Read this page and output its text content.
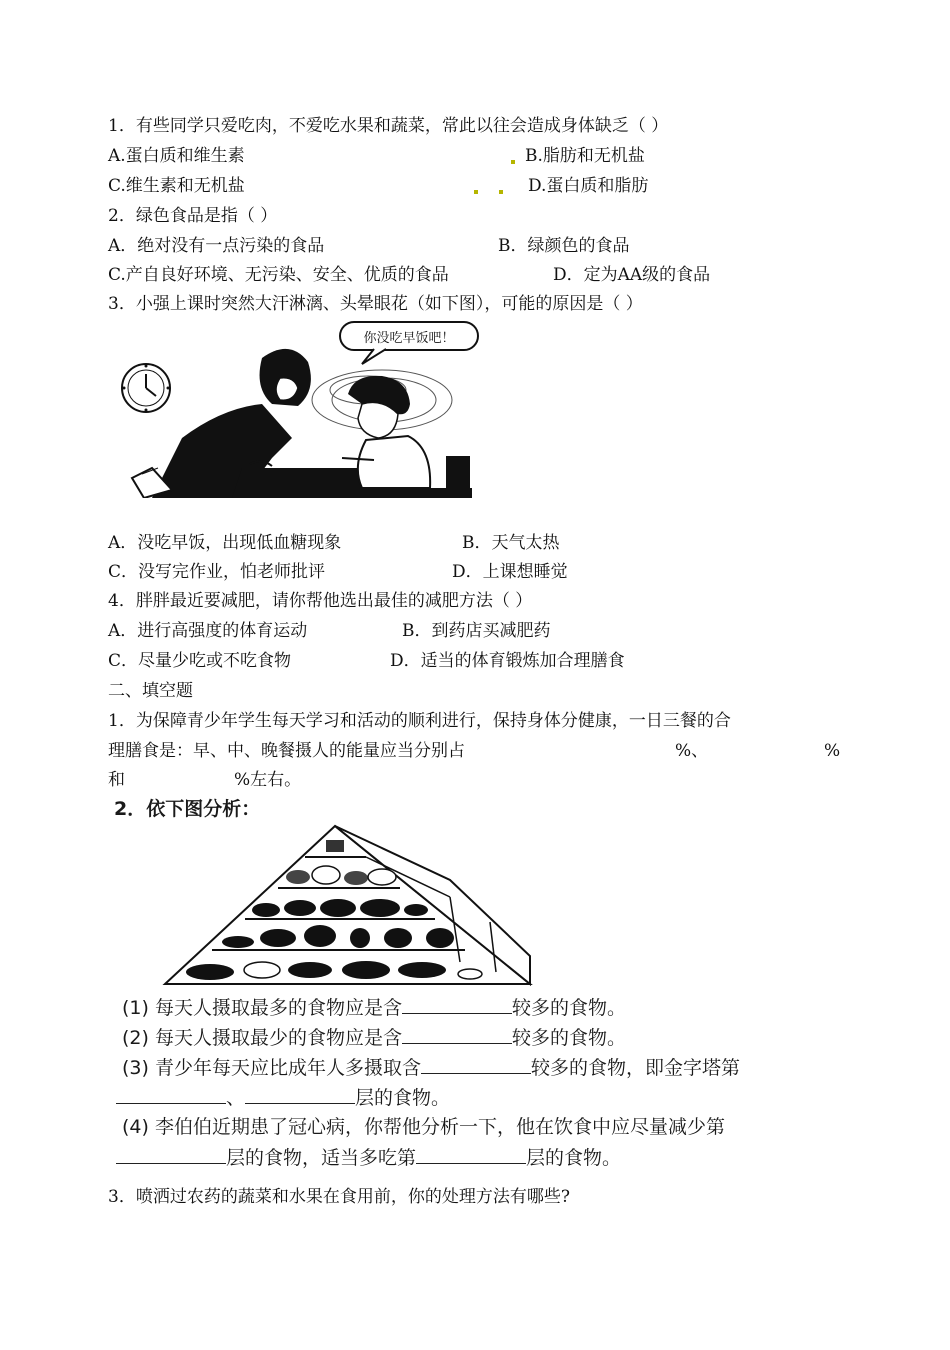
1．有些同学只爱吃肉，不爱吃水果和蔬菜，常此以往会造成身体缺乏（ ）
A.蛋白质和维生素	B.脂肪和无机盐
C.维生素和无机盐	D.蛋白质和脂肪
2．绿色食品是指（ ）
A．绝对没有一点污染的食品	B．绿颜色的食品
C.产自良好环境、无污染、安全、优质的食品	D．定为AA级的食品
3．小强上课时突然大汗淋漓、头晕眼花（如下图），可能的原因是（ ）
你没吃早饭吧！
A．没吃早饭，出现低血糖现象	B．天气太热
C．没写完作业，怕老师批评	D．上课想睡觉
4．胖胖最近要减肥，请你帮他选出最佳的减肥方法（ ）
A．进行高强度的体育运动	B．到药店买减肥药
C．尽量少吃或不吃食物	D．适当的体育锻炼加合理膳食
二、填空题
1．为保障青少年学生每天学习和活动的顺利进行，保持身体分健康，一日三餐的合
理膳食是：早、中、晚餐摄人的能量应当分别占	%、	%
和	%左右。
2．依下图分析：
(1) 每天人摄取最多的食物应是含	较多的食物。
(2) 每天人摄取最少的食物应是含	较多的食物。
(3) 青少年每天应比成年人多摄取含	较多的食物，即金字塔第
、	层的食物。
(4) 李伯伯近期患了冠心病，你帮他分析一下，他在饮食中应尽量减少第
层的食物，适当多吃第	层的食物。
3．喷洒过农药的蔬菜和水果在食用前，你的处理方法有哪些?
